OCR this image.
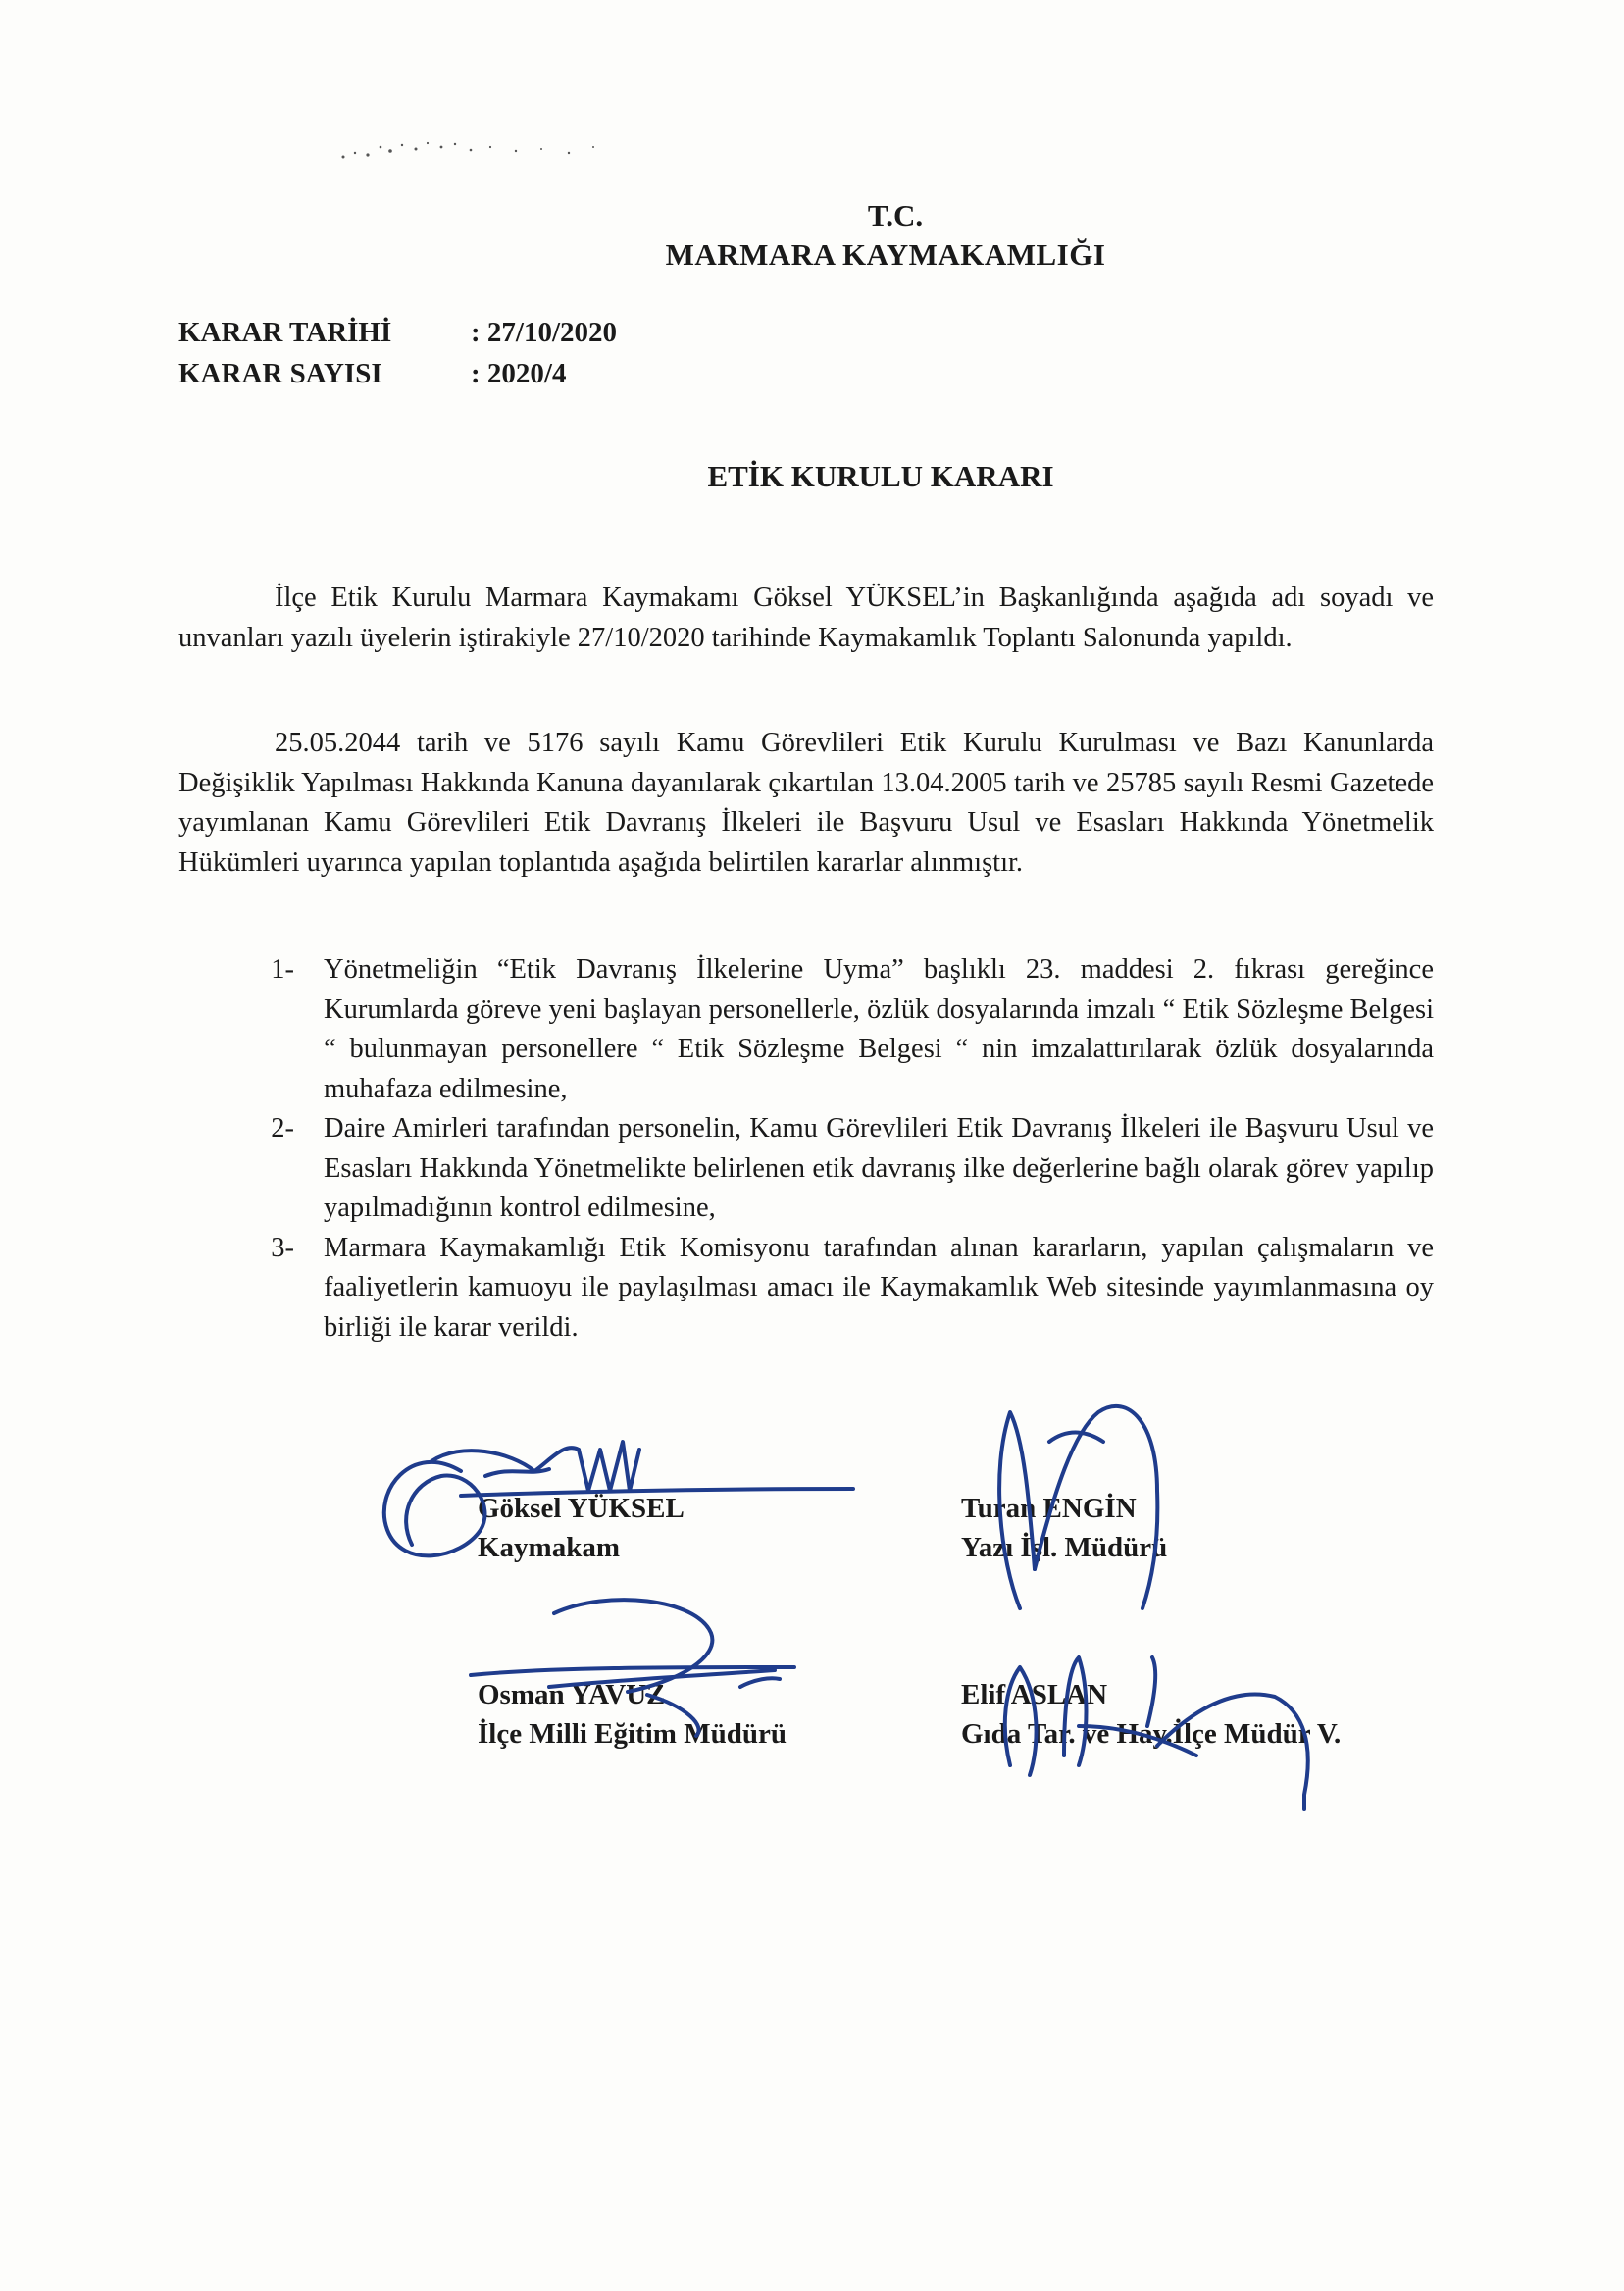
T.C.
MARMARA KAYMAKAMLIĞI
KARAR TARİHİ	: 27/10/2020
KARAR SAYISI	: 2020/4
ETİK KURULU KARARI
İlçe Etik Kurulu Marmara Kaymakamı Göksel YÜKSEL’in Başkanlığında aşağıda adı soyadı ve unvanları yazılı üyelerin iştirakiyle 27/10/2020 tarihinde Kaymakamlık Toplantı Salonunda yapıldı.
25.05.2044 tarih ve 5176 sayılı Kamu Görevlileri Etik Kurulu Kurulması ve Bazı Kanunlarda Değişiklik Yapılması Hakkında Kanuna dayanılarak çıkartılan 13.04.2005 tarih ve 25785 sayılı Resmi Gazetede yayımlanan Kamu Görevlileri Etik Davranış İlkeleri ile Başvuru Usul ve Esasları Hakkında Yönetmelik Hükümleri uyarınca yapılan toplantıda aşağıda belirtilen kararlar alınmıştır.
1-	Yönetmeliğin “Etik Davranış İlkelerine Uyma” başlıklı 23. maddesi 2. fıkrası gereğince Kurumlarda göreve yeni başlayan personellerle, özlük dosyalarında imzalı “ Etik Sözleşme Belgesi “ bulunmayan personellere “ Etik Sözleşme Belgesi “ nin imzalattırılarak özlük dosyalarında muhafaza edilmesine,
2-	Daire Amirleri tarafından personelin, Kamu Görevlileri Etik Davranış İlkeleri ile Başvuru Usul ve Esasları Hakkında Yönetmelikte belirlenen etik davranış ilke değerlerine bağlı olarak görev yapılıp yapılmadığının kontrol edilmesine,
3-	Marmara Kaymakamlığı Etik Komisyonu tarafından alınan kararların, yapılan çalışmaların ve faaliyetlerin kamuoyu ile paylaşılması amacı ile Kaymakamlık Web sitesinde yayımlanmasına oy birliği ile karar verildi.
Göksel YÜKSEL
Kaymakam
Turan ENGİN
Yazı İşl. Müdürü
Osman YAVUZ
İlçe Milli Eğitim Müdürü
Elif ASLAN
Gıda Tar. ve Hay.İlçe Müdür V.
